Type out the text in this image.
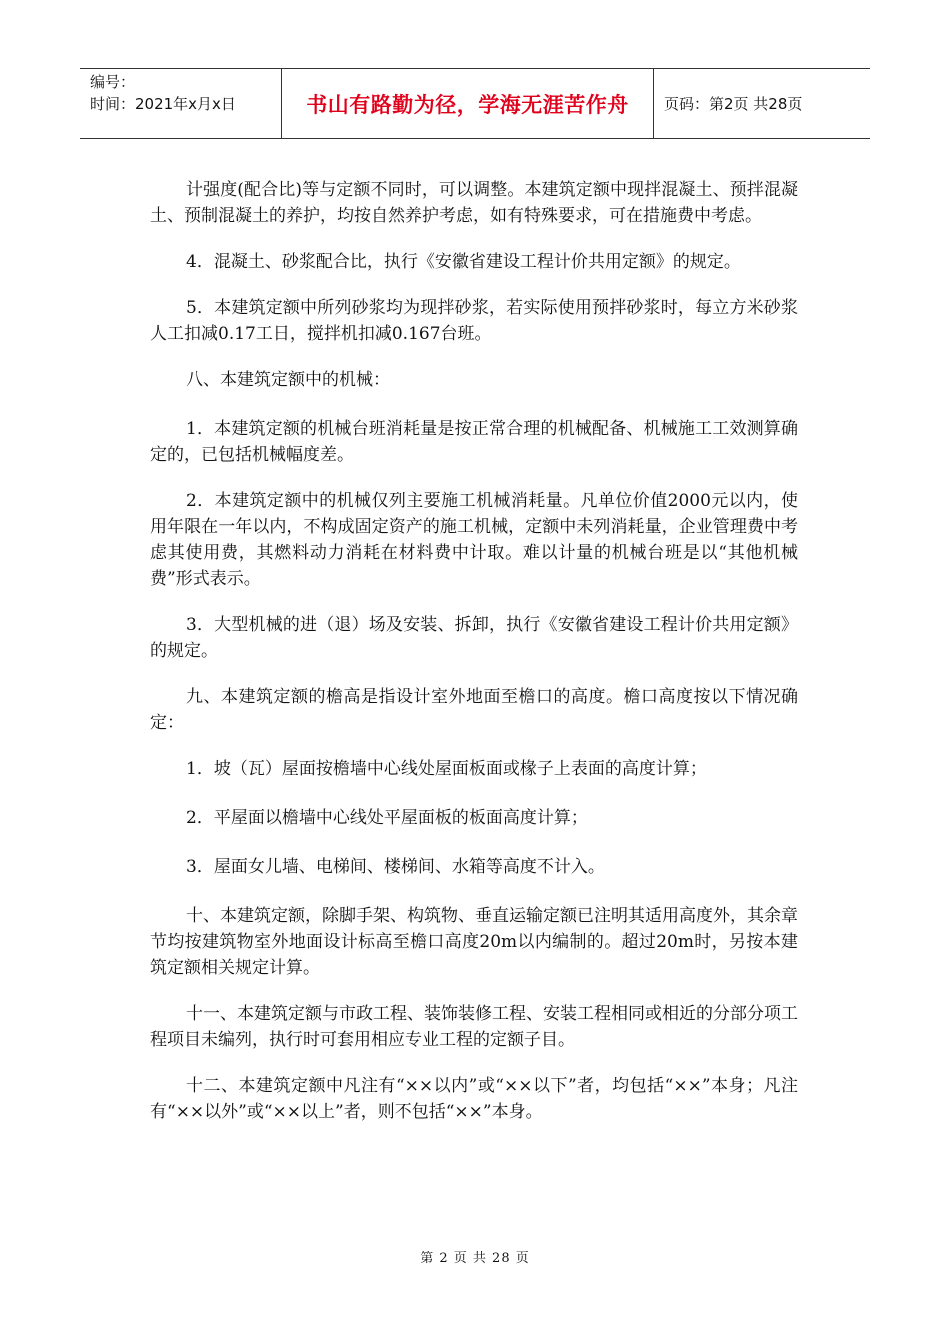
编号：
时间：2021年x月x日	书山有路勤为径，学海无涯苦作舟	页码：第2页 共28页

计强度(配合比)等与定额不同时，可以调整。本建筑定额中现拌混凝土、预拌混凝土、预制混凝土的养护，均按自然养护考虑，如有特殊要求，可在措施费中考虑。

4．混凝土、砂浆配合比，执行《安徽省建设工程计价共用定额》的规定。

5．本建筑定额中所列砂浆均为现拌砂浆，若实际使用预拌砂浆时，每立方米砂浆人工扣减0.17工日，搅拌机扣减0.167台班。

八、本建筑定额中的机械：

1．本建筑定额的机械台班消耗量是按正常合理的机械配备、机械施工工效测算确定的，已包括机械幅度差。

2．本建筑定额中的机械仅列主要施工机械消耗量。凡单位价值2000元以内，使用年限在一年以内，不构成固定资产的施工机械，定额中未列消耗量，企业管理费中考虑其使用费，其燃料动力消耗在材料费中计取。难以计量的机械台班是以“其他机械费”形式表示。

3．大型机械的进（退）场及安装、拆卸，执行《安徽省建设工程计价共用定额》的规定。

九、本建筑定额的檐高是指设计室外地面至檐口的高度。檐口高度按以下情况确定：

1．坡（瓦）屋面按檐墙中心线处屋面板面或椽子上表面的高度计算；

2．平屋面以檐墙中心线处平屋面板的板面高度计算；

3．屋面女儿墙、电梯间、楼梯间、水箱等高度不计入。

十、本建筑定额，除脚手架、构筑物、垂直运输定额已注明其适用高度外，其余章节均按建筑物室外地面设计标高至檐口高度20m以内编制的。超过20m时，另按本建筑定额相关规定计算。

十一、本建筑定额与市政工程、装饰装修工程、安装工程相同或相近的分部分项工程项目未编列，执行时可套用相应专业工程的定额子目。

十二、本建筑定额中凡注有“××以内”或“××以下”者，均包括“××”本身；凡注有“××以外”或“××以上”者，则不包括“××”本身。

第 2 页 共 28 页
